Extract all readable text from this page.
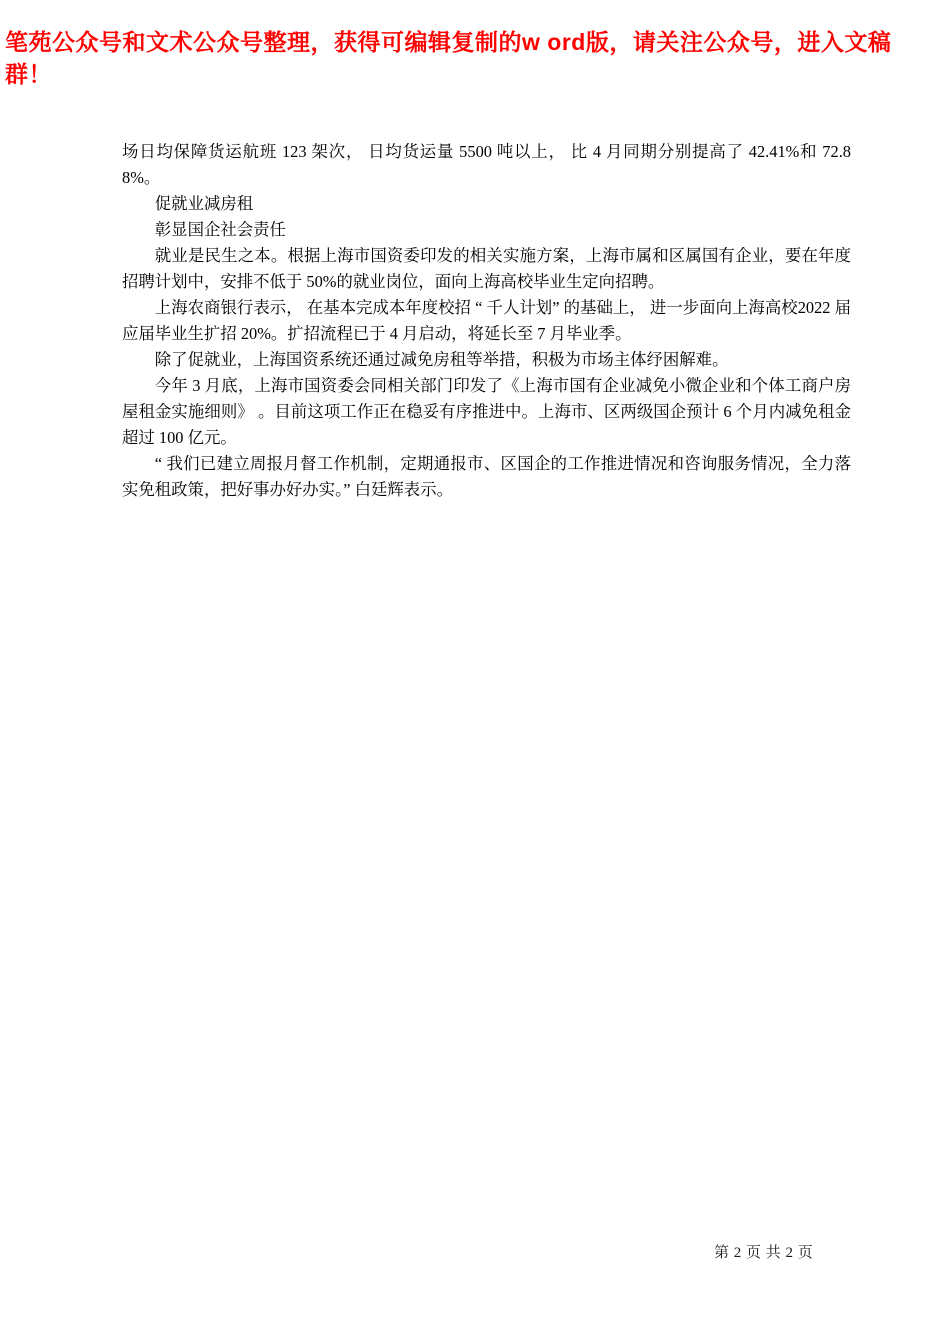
笔苑公众号和文术公众号整理，获得可编辑复制的w ord版，请关注公众号，进入文稿群！

场日均保障货运航班 123 架次， 日均货运量 5500 吨以上， 比 4 月同期分别提高了 42.41%和 72.88%。

促就业减房租

彰显国企社会责任

就业是民生之本。根据上海市国资委印发的相关实施方案，上海市属和区属国有企业，要在年度招聘计划中，安排不低于 50%的就业岗位，面向上海高校毕业生定向招聘。

上海农商银行表示， 在基本完成本年度校招 “ 千人计划” 的基础上， 进一步面向上海高校2022 届应届毕业生扩招 20%。扩招流程已于 4 月启动，将延长至 7 月毕业季。

除了促就业，上海国资系统还通过减免房租等举措，积极为市场主体纾困解难。

今年 3 月底，上海市国资委会同相关部门印发了《上海市国有企业减免小微企业和个体工商户房屋租金实施细则》 。目前这项工作正在稳妥有序推进中。上海市、区两级国企预计 6 个月内减免租金超过 100 亿元。

“ 我们已建立周报月督工作机制，定期通报市、区国企的工作推进情况和咨询服务情况，全力落实免租政策，把好事办好办实。” 白廷辉表示。

第 2 页 共 2 页
